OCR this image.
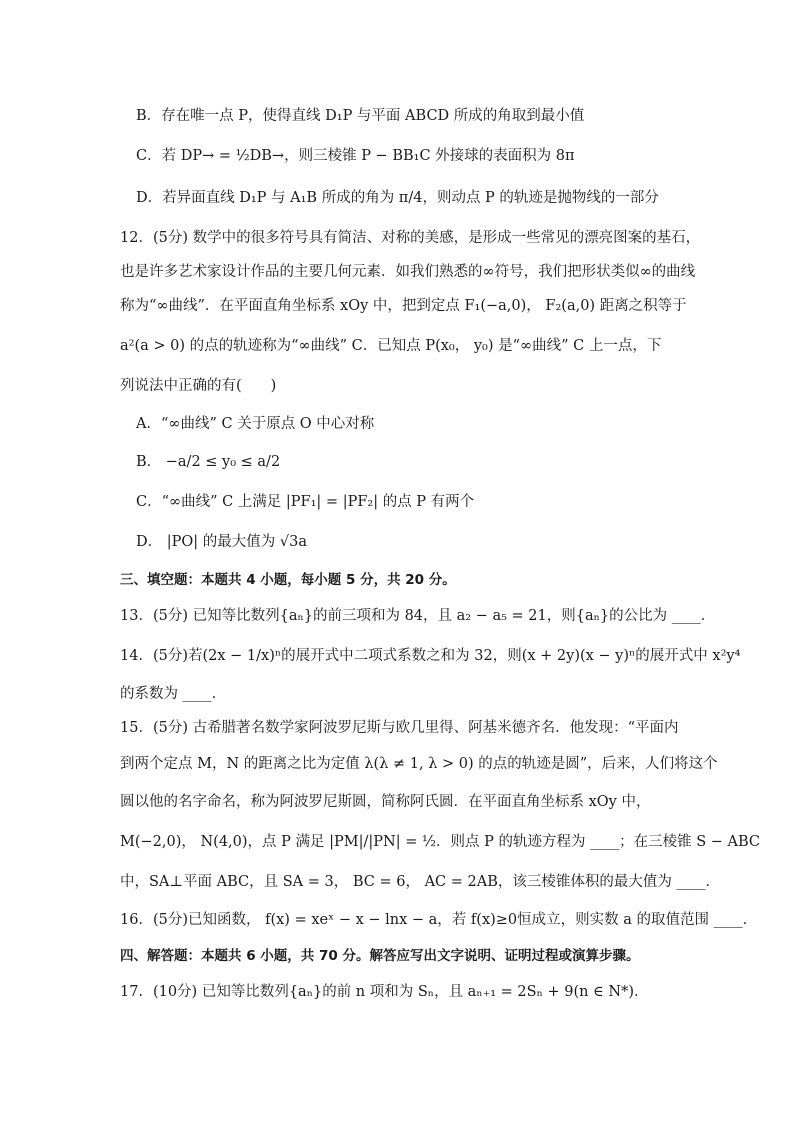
B．存在唯一点 P，使得直线 D₁P 与平面 ABCD 所成的角取到最小值
C．若 DP→ = ½DB→，则三棱锥 P − BB₁C 外接球的表面积为 8π
D．若异面直线 D₁P 与 A₁B 所成的角为 π/4，则动点 P 的轨迹是抛物线的一部分
12．(5分) 数学中的很多符号具有简洁、对称的美感，是形成一些常见的漂亮图案的基石，
也是许多艺术家设计作品的主要几何元素．如我们熟悉的∞符号，我们把形状类似∞的曲线
称为“∞曲线”．在平面直角坐标系 xOy 中，把到定点 F₁(−a,0)， F₂(a,0) 距离之积等于
a²(a > 0) 的点的轨迹称为“∞曲线” C．已知点 P(x₀， y₀) 是“∞曲线” C 上一点，下
列说法中正确的有(　　)
A．“∞曲线” C 关于原点 O 中心对称
B． −a/2 ≤ y₀ ≤ a/2
C．“∞曲线” C 上满足 |PF₁| = |PF₂| 的点 P 有两个
D． |PO| 的最大值为 √3a
三、填空题：本题共 4 小题，每小题 5 分，共 20 分。
13．(5分) 已知等比数列{aₙ}的前三项和为 84，且 a₂ − a₅ = 21，则{aₙ}的公比为 ____．
14．(5分)若(2x − 1/x)ⁿ的展开式中二项式系数之和为 32，则(x + 2y)(x − y)ⁿ的展开式中 x²y⁴
的系数为 ____．
15．(5分) 古希腊著名数学家阿波罗尼斯与欧几里得、阿基米德齐名．他发现：“平面内
到两个定点 M，N 的距离之比为定值 λ(λ ≠ 1, λ > 0) 的点的轨迹是圆”，后来，人们将这个
圆以他的名字命名，称为阿波罗尼斯圆，简称阿氏圆．在平面直角坐标系 xOy 中，
M(−2,0)， N(4,0)，点 P 满足 |PM|/|PN| = ½．则点 P 的轨迹方程为 ____；在三棱锥 S − ABC
中，SA⊥平面 ABC，且 SA = 3， BC = 6， AC = 2AB，该三棱锥体积的最大值为 ____．
16．(5分)已知函数， f(x) = xeˣ − x − lnx − a，若 f(x)≥0恒成立，则实数 a 的取值范围 ____．
四、解答题：本题共 6 小题，共 70 分。解答应写出文字说明、证明过程或演算步骤。
17．(10分) 已知等比数列{aₙ}的前 n 项和为 Sₙ，且 aₙ₊₁ = 2Sₙ + 9(n ∈ N*)．
